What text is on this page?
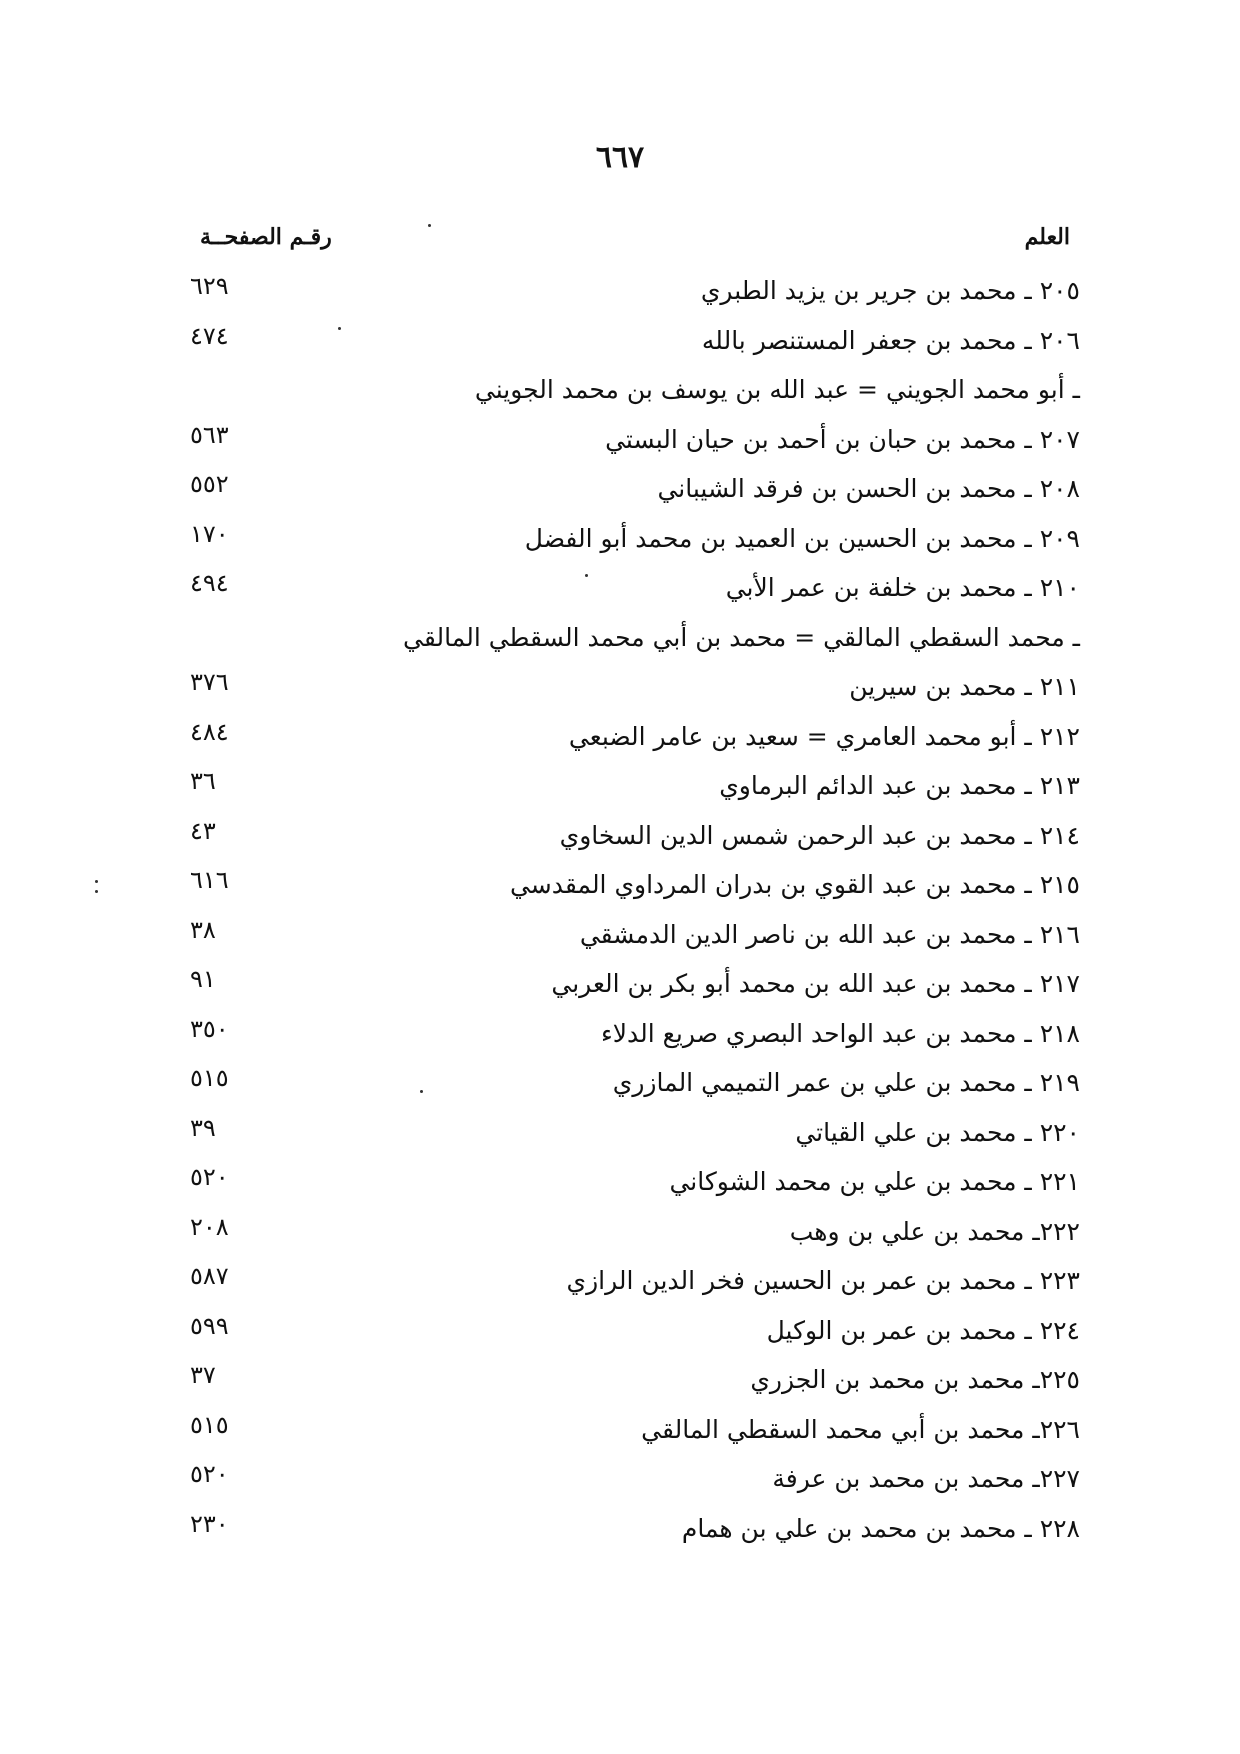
٦٦٧
العلم
رقـم الصفحــة
٢٠٥ ـ محمد بن جرير بن يزيد الطبري
٦٢٩
٢٠٦ ـ محمد بن جعفر المستنصر بالله
٤٧٤
ـ أبو محمد الجويني = عبد الله بن يوسف بن محمد الجويني
٢٠٧ ـ محمد بن حبان بن أحمد بن حيان البستي
٥٦٣
٢٠٨ ـ محمد بن الحسن بن فرقد الشيباني
٥٥٢
٢٠٩ ـ محمد بن الحسين بن العميد بن محمد أبو الفضل
١٧٠
٢١٠ ـ محمد بن خلفة بن عمر الأبي
٤٩٤
ـ محمد السقطي المالقي = محمد بن أبي محمد السقطي المالقي
٢١١ ـ محمد بن سيرين
٣٧٦
٢١٢ ـ أبو محمد العامري = سعيد بن عامر الضبعي
٤٨٤
٢١٣ ـ محمد بن عبد الدائم البرماوي
٣٦
٢١٤ ـ محمد بن عبد الرحمن شمس الدين السخاوي
٤٣
٢١٥ ـ محمد بن عبد القوي بن بدران المرداوي المقدسي
٦١٦
٢١٦ ـ محمد بن عبد الله بن ناصر الدين الدمشقي
٣٨
٢١٧ ـ محمد بن عبد الله بن محمد أبو بكر بن العربي
٩١
٢١٨ ـ محمد بن عبد الواحد البصري صريع الدلاء
٣٥٠
٢١٩ ـ محمد بن علي بن عمر التميمي المازري
٥١٥
٢٢٠ ـ محمد بن علي القياتي
٣٩
٢٢١ ـ محمد بن علي بن محمد الشوكاني
٥٢٠
٢٢٢ـ محمد بن علي بن وهب
٢٠٨
٢٢٣ ـ محمد بن عمر بن الحسين فخر الدين الرازي
٥٨٧
٢٢٤ ـ محمد بن عمر بن الوكيل
٥٩٩
٢٢٥ـ محمد بن محمد بن الجزري
٣٧
٢٢٦ـ محمد بن أبي محمد السقطي المالقي
٥١٥
٢٢٧ـ محمد بن محمد بن عرفة
٥٢٠
٢٢٨ ـ محمد بن محمد بن علي بن همام
٢٣٠
